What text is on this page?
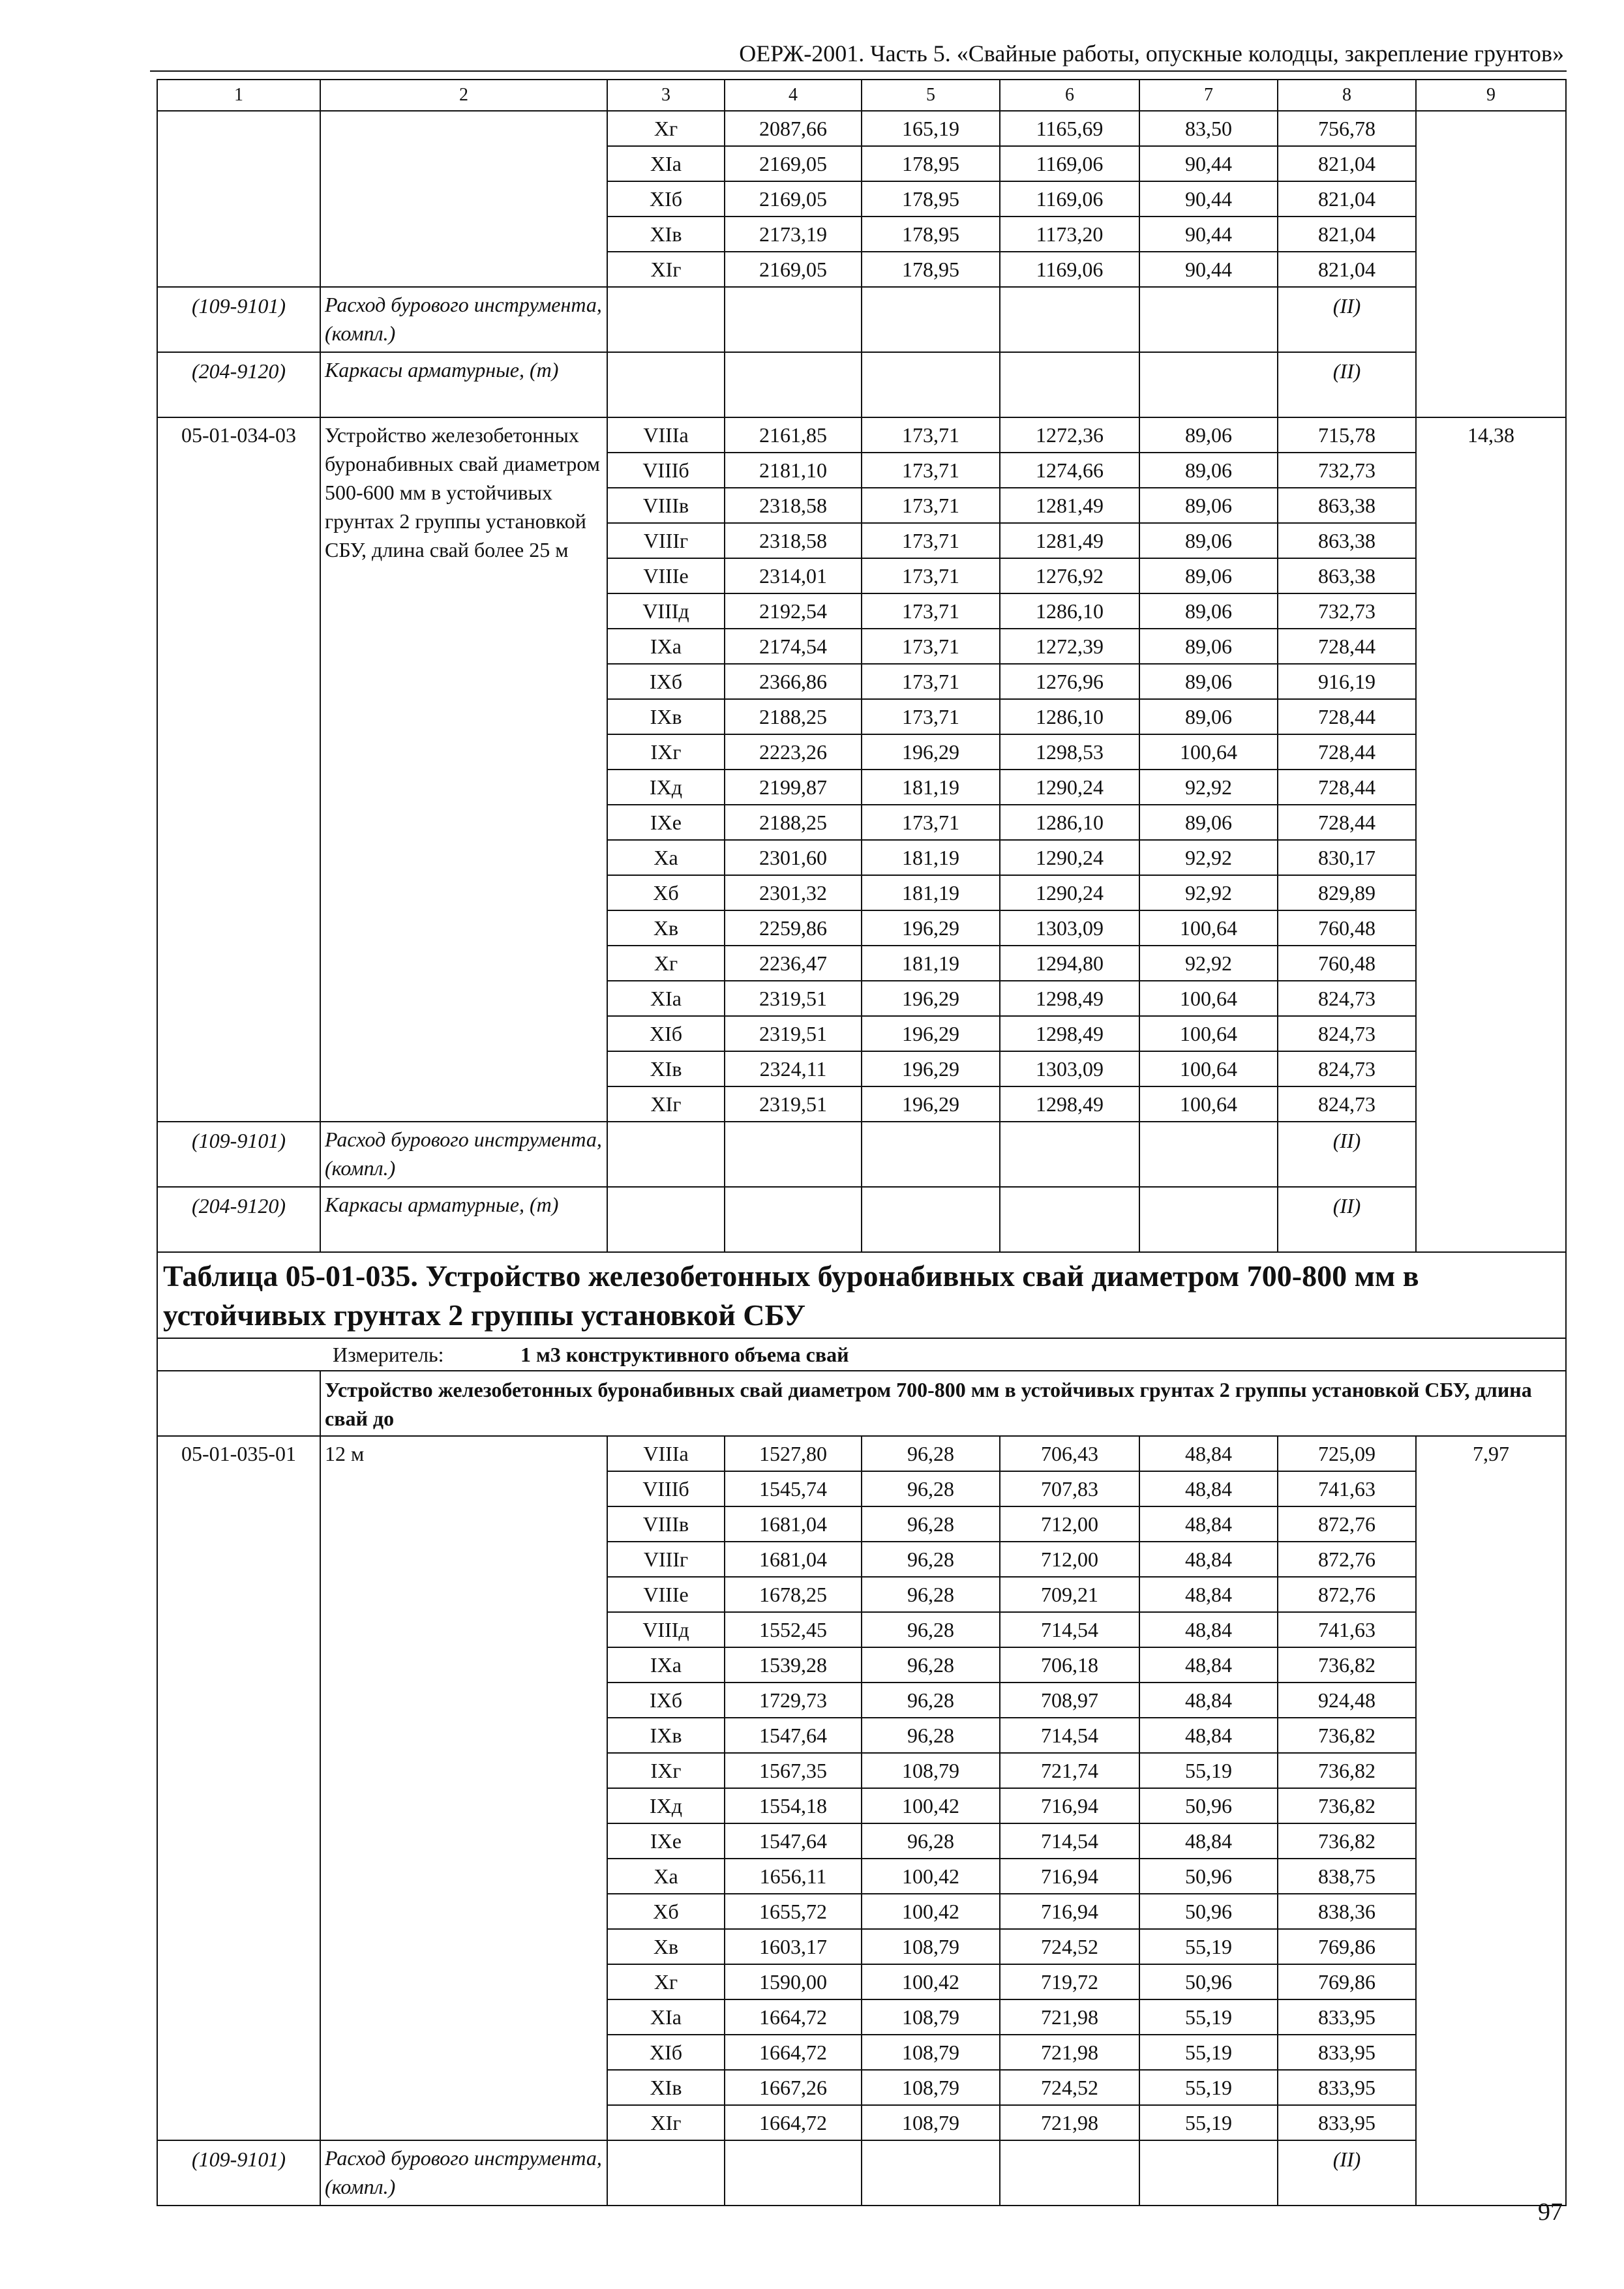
ОЕРЖ-2001. Часть 5. «Свайные работы, опускные колодцы, закрепление грунтов»
1	2	3	4	5	6	7	8	9
		Xг	2087,66	165,19	1165,69	83,50	756,78	
		XIа	2169,05	178,95	1169,06	90,44	821,04	
		XIб	2169,05	178,95	1169,06	90,44	821,04	
		XIв	2173,19	178,95	1173,20	90,44	821,04	
		XIг	2169,05	178,95	1169,06	90,44	821,04	
(109-9101)	Расход бурового инструмента, (компл.)						(II)	
(204-9120)	Каркасы арматурные, (т)						(II)	
05-01-034-03	Устройство железобетонных буронабивных свай диаметром 500-600 мм в устойчивых грунтах 2 группы установкой СБУ, длина свай более 25 м	VIIIа	2161,85	173,71	1272,36	89,06	715,78	14,38
		VIIIб	2181,10	173,71	1274,66	89,06	732,73	
		VIIIв	2318,58	173,71	1281,49	89,06	863,38	
		VIIIг	2318,58	173,71	1281,49	89,06	863,38	
		VIIIе	2314,01	173,71	1276,92	89,06	863,38	
		VIIIд	2192,54	173,71	1286,10	89,06	732,73	
		IXа	2174,54	173,71	1272,39	89,06	728,44	
		IXб	2366,86	173,71	1276,96	89,06	916,19	
		IXв	2188,25	173,71	1286,10	89,06	728,44	
		IXг	2223,26	196,29	1298,53	100,64	728,44	
		IXд	2199,87	181,19	1290,24	92,92	728,44	
		IXе	2188,25	173,71	1286,10	89,06	728,44	
		Xа	2301,60	181,19	1290,24	92,92	830,17	
		Xб	2301,32	181,19	1290,24	92,92	829,89	
		Xв	2259,86	196,29	1303,09	100,64	760,48	
		Xг	2236,47	181,19	1294,80	92,92	760,48	
		XIа	2319,51	196,29	1298,49	100,64	824,73	
		XIб	2319,51	196,29	1298,49	100,64	824,73	
		XIв	2324,11	196,29	1303,09	100,64	824,73	
		XIг	2319,51	196,29	1298,49	100,64	824,73	
(109-9101)	Расход бурового инструмента, (компл.)						(II)	
(204-9120)	Каркасы арматурные, (т)						(II)	
Таблица 05-01-035. Устройство железобетонных буронабивных свай диаметром 700-800 мм в устойчивых грунтах 2 группы установкой СБУ								
Измеритель: 1 м3 конструктивного объема свай								
	Устройство железобетонных буронабивных свай диаметром 700-800 мм в устойчивых грунтах 2 группы установкой СБУ, длина свай до							
05-01-035-01	12 м	VIIIа	1527,80	96,28	706,43	48,84	725,09	7,97
		VIIIб	1545,74	96,28	707,83	48,84	741,63	
		VIIIв	1681,04	96,28	712,00	48,84	872,76	
		VIIIг	1681,04	96,28	712,00	48,84	872,76	
		VIIIе	1678,25	96,28	709,21	48,84	872,76	
		VIIIд	1552,45	96,28	714,54	48,84	741,63	
		IXа	1539,28	96,28	706,18	48,84	736,82	
		IXб	1729,73	96,28	708,97	48,84	924,48	
		IXв	1547,64	96,28	714,54	48,84	736,82	
		IXг	1567,35	108,79	721,74	55,19	736,82	
		IXд	1554,18	100,42	716,94	50,96	736,82	
		IXе	1547,64	96,28	714,54	48,84	736,82	
		Xа	1656,11	100,42	716,94	50,96	838,75	
		Xб	1655,72	100,42	716,94	50,96	838,36	
		Xв	1603,17	108,79	724,52	55,19	769,86	
		Xг	1590,00	100,42	719,72	50,96	769,86	
		XIа	1664,72	108,79	721,98	55,19	833,95	
		XIб	1664,72	108,79	721,98	55,19	833,95	
		XIв	1667,26	108,79	724,52	55,19	833,95	
		XIг	1664,72	108,79	721,98	55,19	833,95	
(109-9101)	Расход бурового инструмента, (компл.)						(II)	
97
